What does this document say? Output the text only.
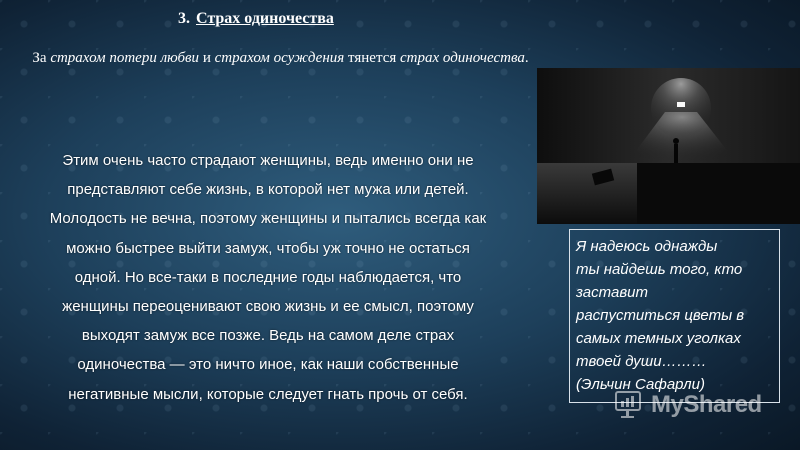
3. Страх одиночества
За страхом потери любви и страхом осуждения тянется страх одиночества.
Этим очень часто страдают женщины, ведь именно они не
представляют себе жизнь, в которой нет мужа или детей.
Молодость не вечна, поэтому женщины и пытались всегда как
можно быстрее выйти замуж, чтобы уж точно не остаться
одной. Но все-таки в последние годы наблюдается, что
женщины переоценивают свою жизнь и ее смысл, поэтому
выходят замуж все позже. Ведь на самом деле страх
одиночества — это ничто иное, как наши собственные
негативные мысли, которые следует гнать прочь от себя.
Я надеюсь однажды
ты найдешь того, кто
заставит
распуститься цветы в
самых темных уголках
твоей души………
(Эльчин Сафарли)
MyShared
